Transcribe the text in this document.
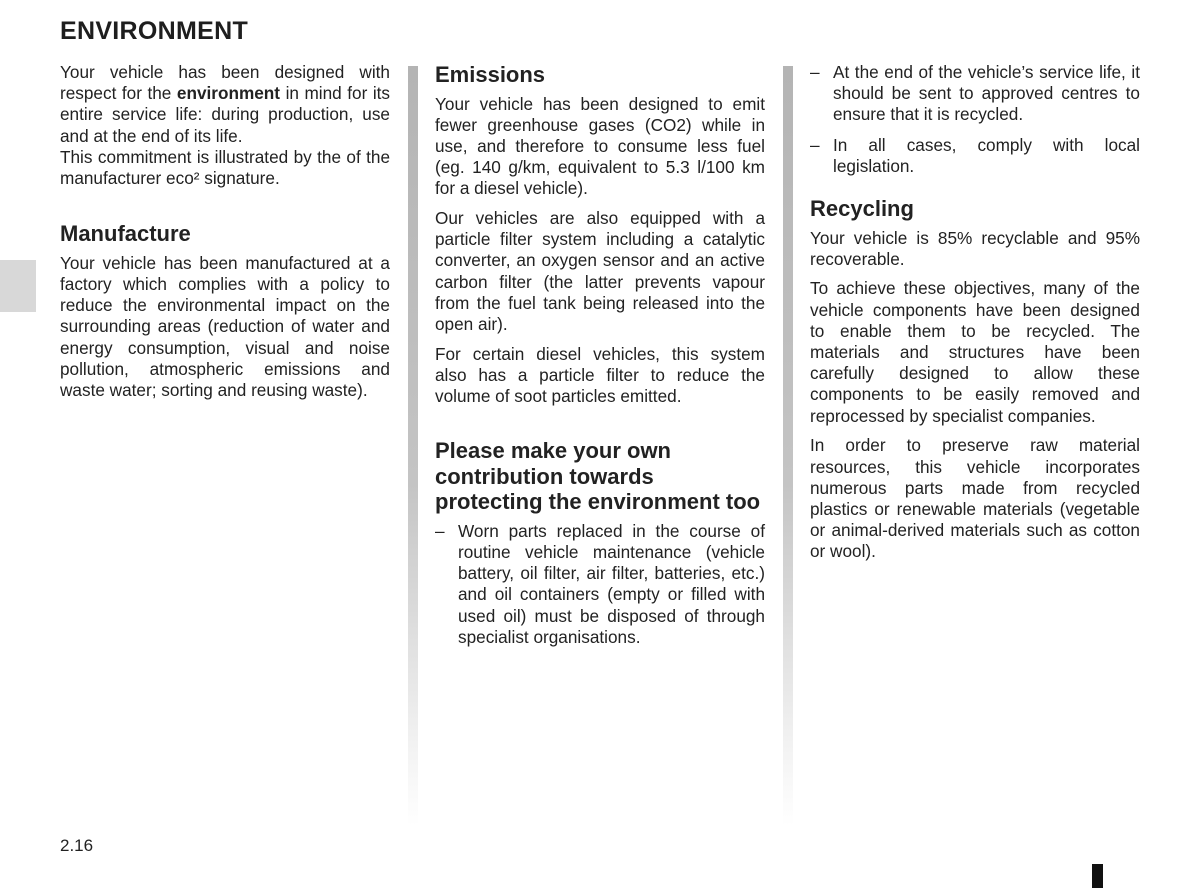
ENVIRONMENT

Your vehicle has been designed with respect for the environment in mind for its entire service life: during production, use and at the end of its life.

This commitment is illustrated by the of the manufacturer eco² signature.

Manufacture

Your vehicle has been manufactured at a factory which complies with a policy to reduce the environmental impact on the surrounding areas (reduction of water and energy consumption, visual and noise pollution, atmospheric emissions and waste water; sorting and reusing waste).

Emissions

Your vehicle has been designed to emit fewer greenhouse gases (CO2) while in use, and therefore to consume less fuel (eg. 140 g/km, equivalent to 5.3 l/100 km for a diesel vehicle).

Our vehicles are also equipped with a particle filter system including a catalytic converter, an oxygen sensor and an active carbon filter (the latter prevents vapour from the fuel tank being released into the open air).

For certain diesel vehicles, this system also has a particle filter to reduce the volume of soot particles emitted.

Please make your own contribution towards protecting the environment too
– Worn parts replaced in the course of routine vehicle maintenance (vehicle battery, oil filter, air filter, batteries, etc.) and oil containers (empty or filled with used oil) must be disposed of through specialist organisations.
– At the end of the vehicle’s service life, it should be sent to approved centres to ensure that it is recycled.
– In all cases, comply with local legislation.
Recycling

Your vehicle is 85% recyclable and 95% recoverable.

To achieve these objectives, many of the vehicle components have been designed to enable them to be recycled. The materials and structures have been carefully designed to allow these components to be easily removed and reprocessed by specialist companies.

In order to preserve raw material resources, this vehicle incorporates numerous parts made from recycled plastics or renewable materials (vegetable or animal-derived materials such as cotton or wool).

2.16
